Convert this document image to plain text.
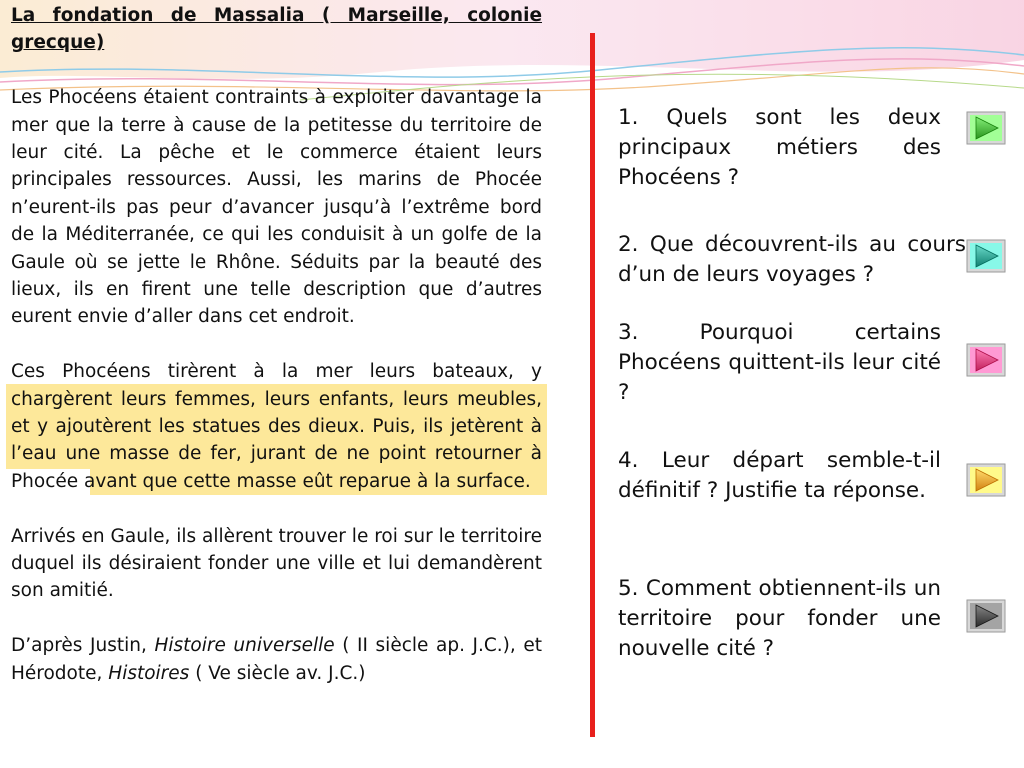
La fondation de Massalia ( Marseille, colonie grecque)

Les Phocéens étaient contraints à exploiter davantage la mer que la terre à cause de la petitesse du territoire de leur cité. La pêche et le commerce étaient leurs principales ressources. Aussi, les marins de Phocée n’eurent-ils pas peur d’avancer jusqu’à l’extrême bord de la Méditerranée, ce qui les conduisit à un golfe de la Gaule où se jette le Rhône. Séduits par la beauté des lieux, ils en firent une telle description que d’autres eurent envie d’aller dans cet endroit.

Ces Phocéens tirèrent à la mer leurs bateaux, y chargèrent leurs femmes, leurs enfants, leurs meubles, et y ajoutèrent les statues des dieux. Puis, ils

jetèrent à l’eau une masse de fer, jurant de ne point retourner à Phocée avant que cette masse eût reparue à la surface.

Arrivés en Gaule, ils allèrent trouver le roi sur le territoire duquel ils désiraient fonder une ville et lui demandèrent son amitié.

D’après Justin, Histoire universelle ( II siècle ap. J.C.), et Hérodote, Histoires ( Ve siècle av. J.C.)

1. Quels sont les deux principaux métiers des Phocéens ?
2. Que découvrent-ils au cours d’un de leurs voyages ?
3. Pourquoi certains Phocéens quittent-ils leur cité ?
4. Leur départ semble-t-il définitif ? Justifie ta réponse.
5. Comment obtiennent-ils un territoire pour fonder une nouvelle cité ?
